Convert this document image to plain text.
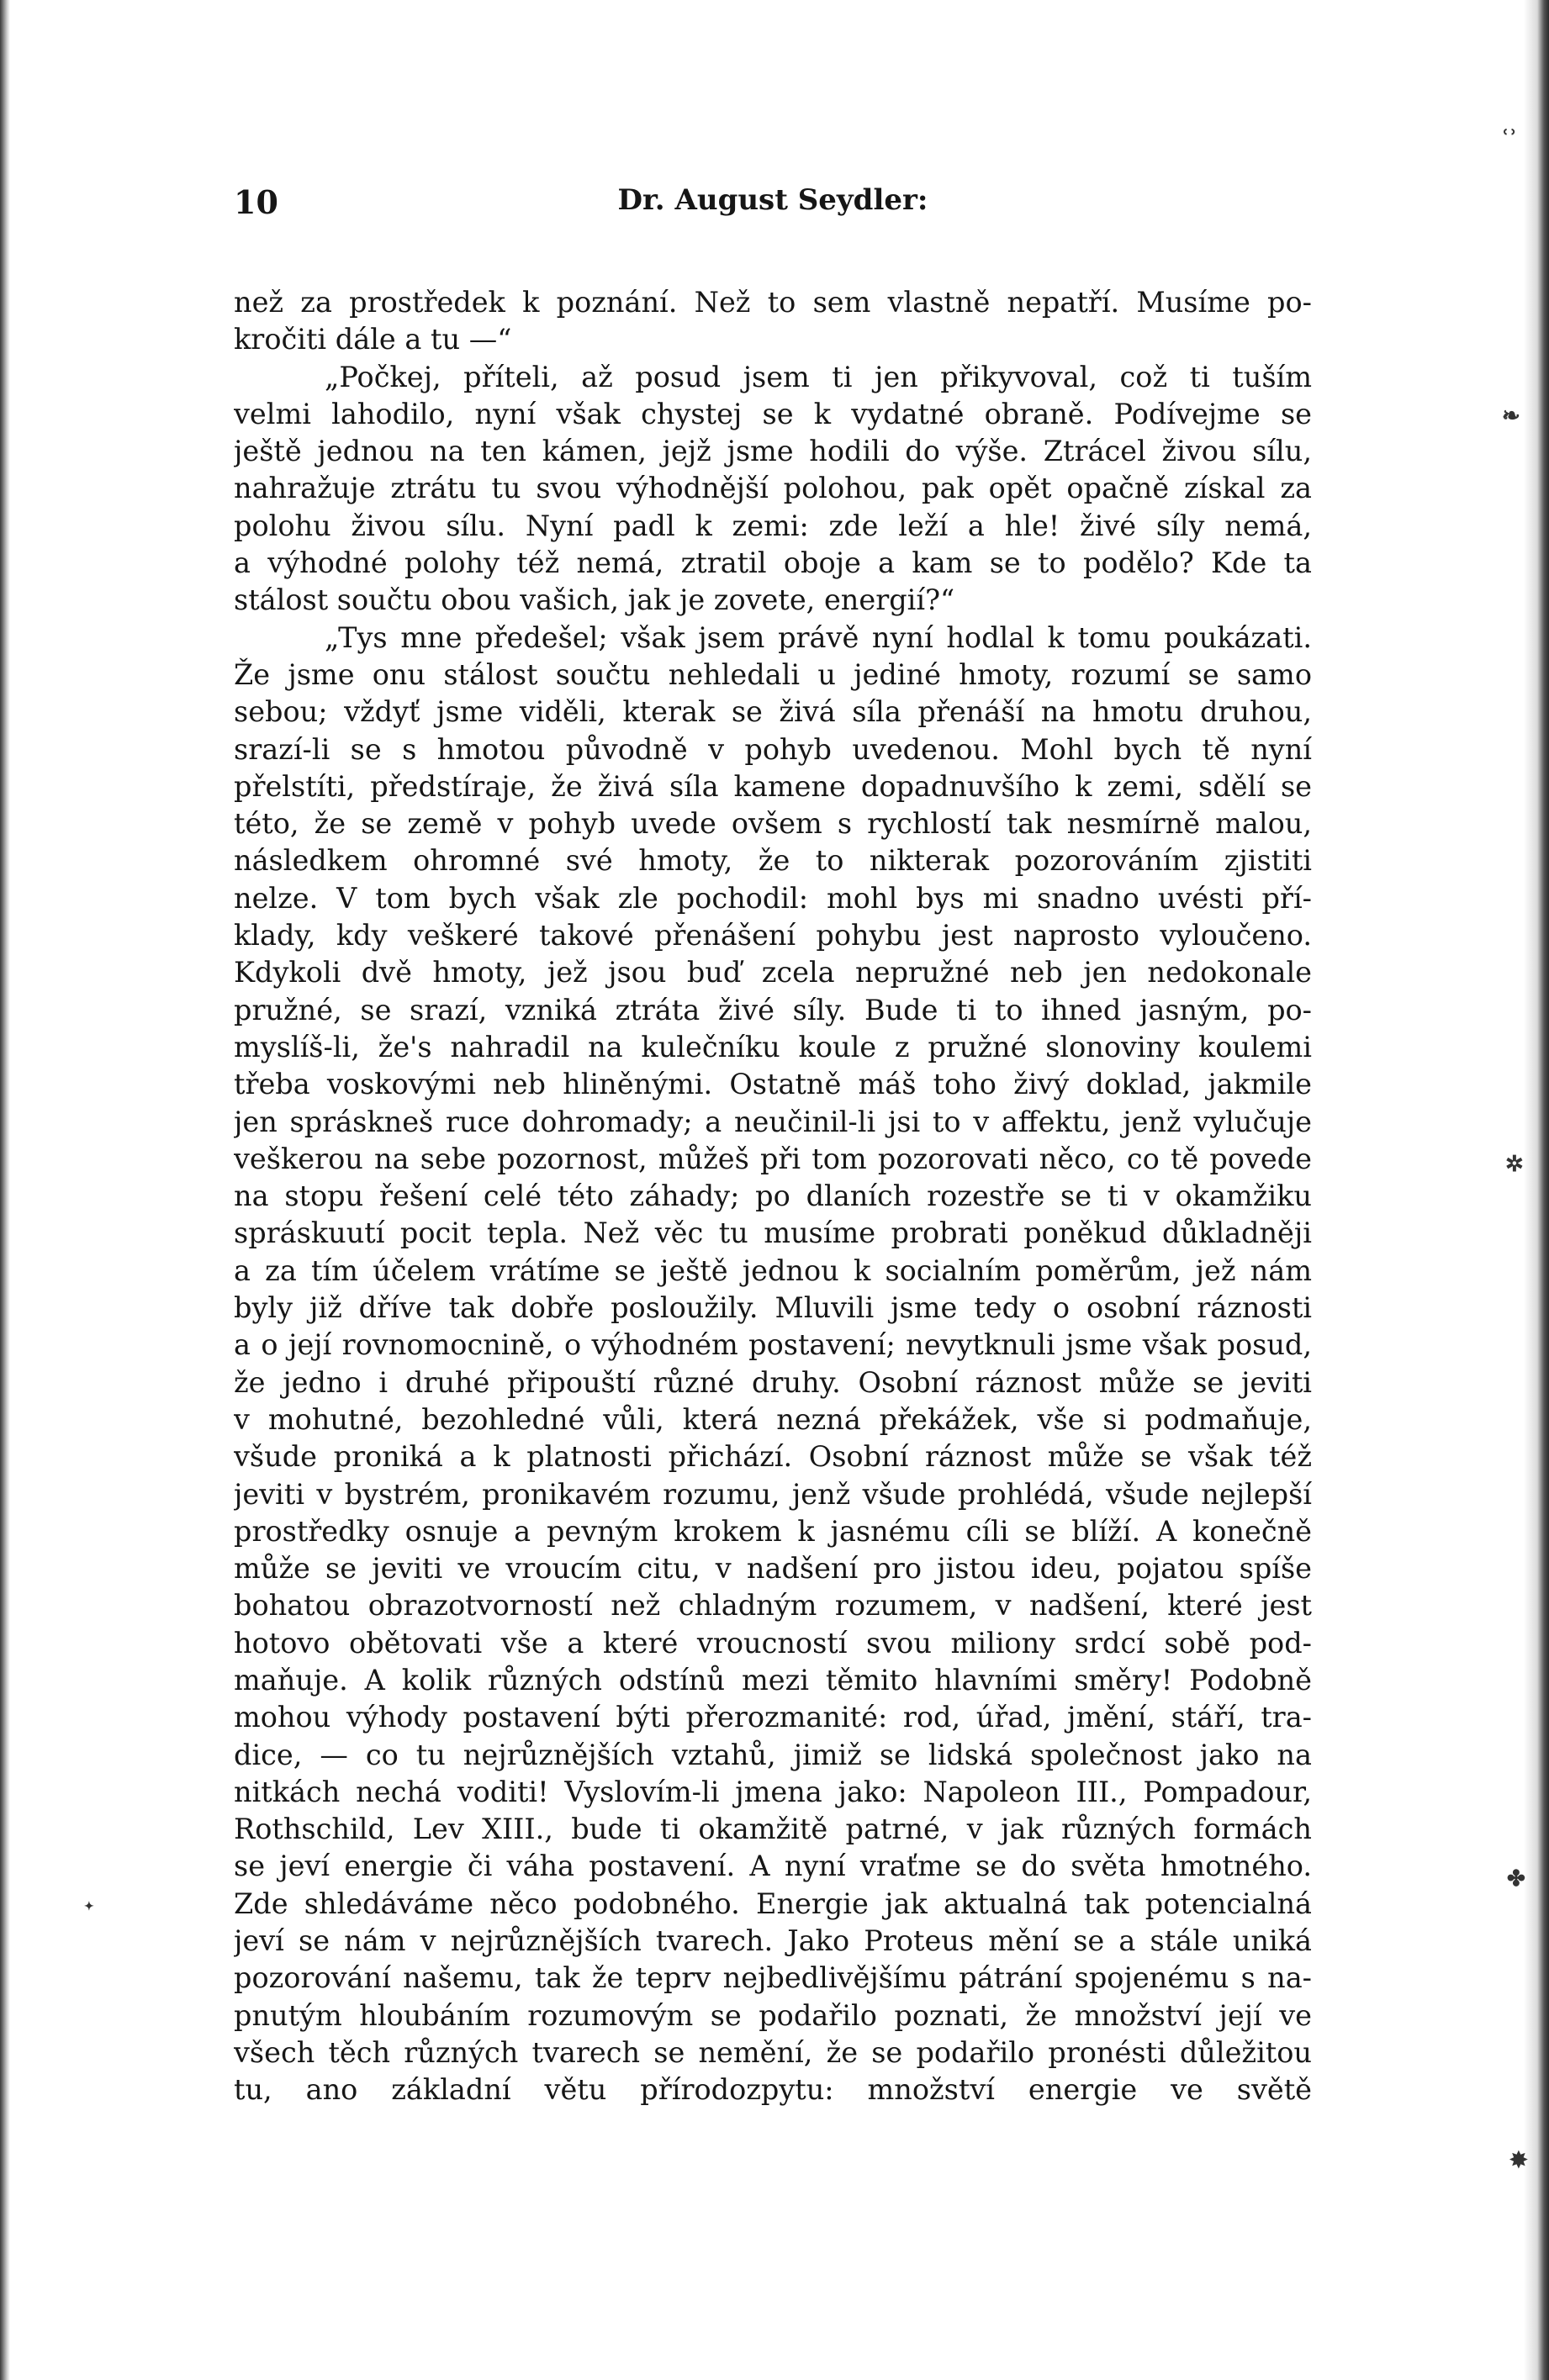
ʿʾ
❧
✲
✦
✤
✸
10	Dr. August Seydler:
než za prostředek k poznání. Než to sem vlastně nepatří. Musíme po-
kročiti dále a tu —“
„Počkej, příteli, až posud jsem ti jen přikyvoval, což ti tuším
velmi lahodilo, nyní však chystej se k vydatné obraně. Podívejme se
ještě jednou na ten kámen, jejž jsme hodili do výše. Ztrácel živou sílu,
nahražuje ztrátu tu svou výhodnější polohou, pak opět opačně získal za
polohu živou sílu. Nyní padl k zemi: zde leží a hle! živé síly nemá,
a výhodné polohy též nemá, ztratil oboje a kam se to podělo? Kde ta
stálost součtu obou vašich, jak je zovete, energií?“
„Tys mne předešel; však jsem právě nyní hodlal k tomu poukázati.
Že jsme onu stálost součtu nehledali u jediné hmoty, rozumí se samo
sebou; vždyť jsme viděli, kterak se živá síla přenáší na hmotu druhou,
srazí-li se s hmotou původně v pohyb uvedenou. Mohl bych tě nyní
přelstíti, předstíraje, že živá síla kamene dopadnuvšího k zemi, sdělí se
této, že se země v pohyb uvede ovšem s rychlostí tak nesmírně malou,
následkem ohromné své hmoty, že to nikterak pozorováním zjistiti
nelze. V tom bych však zle pochodil: mohl bys mi snadno uvésti pří-
klady, kdy veškeré takové přenášení pohybu jest naprosto vyloučeno.
Kdykoli dvě hmoty, jež jsou buď zcela nepružné neb jen nedokonale
pružné, se srazí, vzniká ztráta živé síly. Bude ti to ihned jasným, po-
myslíš-li, že's nahradil na kulečníku koule z pružné slonoviny koulemi
třeba voskovými neb hliněnými. Ostatně máš toho živý doklad, jakmile
jen spráskneš ruce dohromady; a neučinil-li jsi to v affektu, jenž vylučuje
veškerou na sebe pozornost, můžeš při tom pozorovati něco, co tě povede
na stopu řešení celé této záhady; po dlaních rozestře se ti v okamžiku
spráskuutí pocit tepla. Než věc tu musíme probrati poněkud důkladněji
a za tím účelem vrátíme se ještě jednou k socialním poměrům, jež nám
byly již dříve tak dobře posloužily. Mluvili jsme tedy o osobní ráznosti
a o její rovnomocnině, o výhodném postavení; nevytknuli jsme však posud,
že jedno i druhé připouští různé druhy. Osobní ráznost může se jeviti
v mohutné, bezohledné vůli, která nezná překážek, vše si podmaňuje,
všude proniká a k platnosti přichází. Osobní ráznost může se však též
jeviti v bystrém, pronikavém rozumu, jenž všude prohlédá, všude nejlepší
prostředky osnuje a pevným krokem k jasnému cíli se blíží. A konečně
může se jeviti ve vroucím citu, v nadšení pro jistou ideu, pojatou spíše
bohatou obrazotvorností než chladným rozumem, v nadšení, které jest
hotovo obětovati vše a které vroucností svou miliony srdcí sobě pod-
maňuje. A kolik různých odstínů mezi těmito hlavními směry! Podobně
mohou výhody postavení býti přerozmanité: rod, úřad, jmění, stáří, tra-
dice, — co tu nejrůznějších vztahů, jimiž se lidská společnost jako na
nitkách nechá voditi! Vyslovím-li jmena jako: Napoleon III., Pompadour,
Rothschild, Lev XIII., bude ti okamžitě patrné, v jak různých formách
se jeví energie či váha postavení. A nyní vraťme se do světa hmotného.
Zde shledáváme něco podobného. Energie jak aktualná tak potencialná
jeví se nám v nejrůznějších tvarech. Jako Proteus mění se a stále uniká
pozorování našemu, tak že teprv nejbedlivějšímu pátrání spojenému s na-
pnutým hloubáním rozumovým se podařilo poznati, že množství její ve
všech těch různých tvarech se nemění, že se podařilo pronésti důležitou
tu, ano základní větu přírodozpytu: množství energie ve světě
